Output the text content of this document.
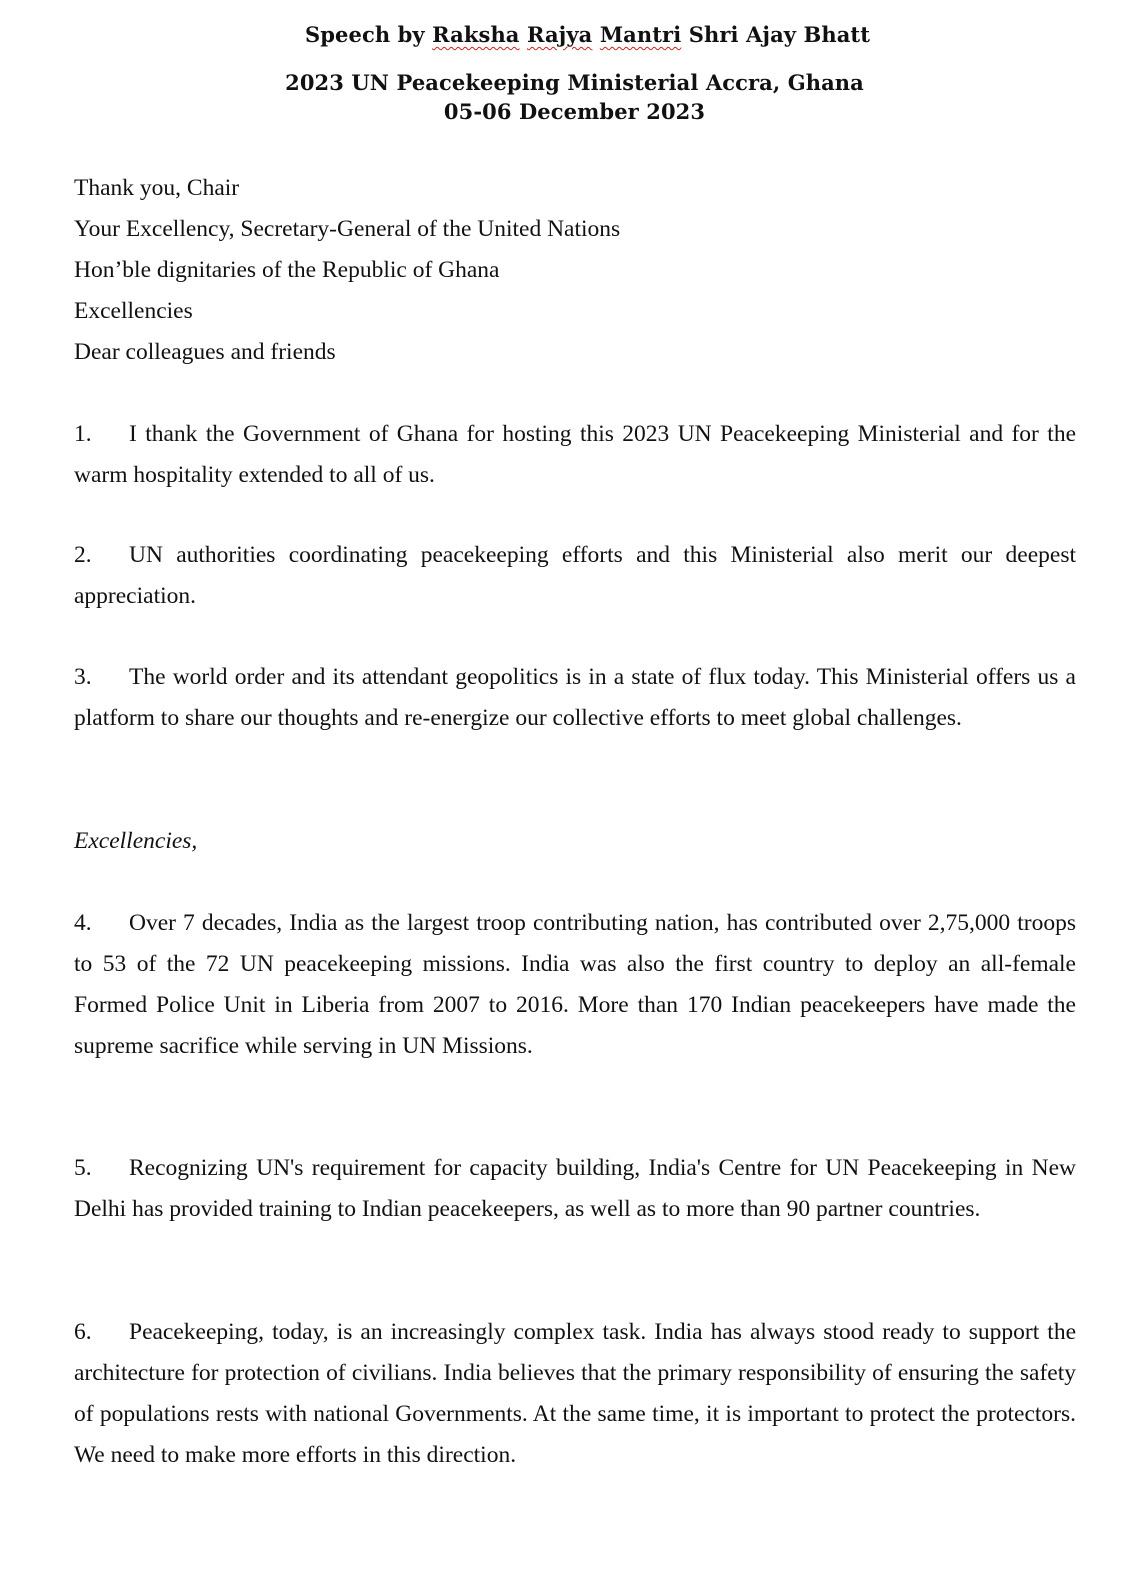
Speech by Raksha Rajya Mantri Shri Ajay Bhatt
2023 UN Peacekeeping Ministerial Accra, Ghana
05-06 December 2023
Thank you, Chair
Your Excellency, Secretary-General of the United Nations
Hon’ble dignitaries of the Republic of Ghana
Excellencies
Dear colleagues and friends
1. I thank the Government of Ghana for hosting this 2023 UN Peacekeeping Ministerial and for the warm hospitality extended to all of us.
2. UN authorities coordinating peacekeeping efforts and this Ministerial also merit our deepest appreciation.
3. The world order and its attendant geopolitics is in a state of flux today. This Ministerial offers us a platform to share our thoughts and re-energize our collective efforts to meet global challenges.
Excellencies,
4. Over 7 decades, India as the largest troop contributing nation, has contributed over 2,75,000 troops to 53 of the 72 UN peacekeeping missions. India was also the first country to deploy an all-female Formed Police Unit in Liberia from 2007 to 2016. More than 170 Indian peacekeepers have made the supreme sacrifice while serving in UN Missions.
5. Recognizing UN's requirement for capacity building, India's Centre for UN Peacekeeping in New Delhi has provided training to Indian peacekeepers, as well as to more than 90 partner countries.
6. Peacekeeping, today, is an increasingly complex task. India has always stood ready to support the architecture for protection of civilians. India believes that the primary responsibility of ensuring the safety of populations rests with national Governments. At the same time, it is important to protect the protectors. We need to make more efforts in this direction.
